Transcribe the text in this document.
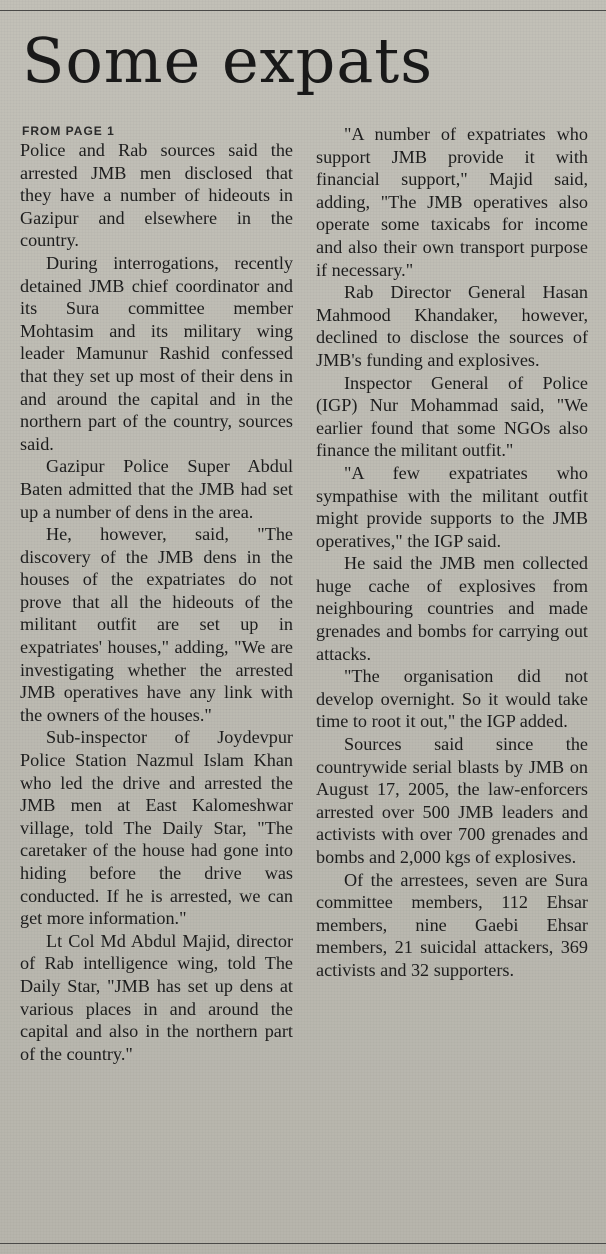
Some expats
FROM PAGE 1

Police and Rab sources said the arrested JMB men disclosed that they have a number of hideouts in Gazipur and elsewhere in the country.

During interrogations, recently detained JMB chief coordinator and its Sura committee member Mohtasim and its military wing leader Mamunur Rashid confessed that they set up most of their dens in and around the capital and in the northern part of the country, sources said.

Gazipur Police Super Abdul Baten admitted that the JMB had set up a number of dens in the area.

He, however, said, "The discovery of the JMB dens in the houses of the expatriates do not prove that all the hideouts of the militant outfit are set up in expatriates' houses," adding, "We are investigating whether the arrested JMB operatives have any link with the owners of the houses."

Sub-inspector of Joydevpur Police Station Nazmul Islam Khan who led the drive and arrested the JMB men at East Kalomeshwar village, told The Daily Star, "The caretaker of the house had gone into hiding before the drive was conducted. If he is arrested, we can get more information."

Lt Col Md Abdul Majid, director of Rab intelligence wing, told The Daily Star, "JMB has set up dens at various places in and around the capital and also in the northern part of the country."

"A number of expatriates who support JMB provide it with financial support," Majid said, adding, "The JMB operatives also operate some taxicabs for income and also their own transport purpose if necessary."

Rab Director General Hasan Mahmood Khandaker, however, declined to disclose the sources of JMB's funding and explosives.

Inspector General of Police (IGP) Nur Mohammad said, "We earlier found that some NGOs also finance the militant outfit."

"A few expatriates who sympathise with the militant outfit might provide supports to the JMB operatives," the IGP said.

He said the JMB men collected huge cache of explosives from neighbouring countries and made grenades and bombs for carrying out attacks.

"The organisation did not develop overnight. So it would take time to root it out," the IGP added.

Sources said since the countrywide serial blasts by JMB on August 17, 2005, the law-enforcers arrested over 500 JMB leaders and activists with over 700 grenades and bombs and 2,000 kgs of explosives.

Of the arrestees, seven are Sura committee members, 112 Ehsar members, nine Gaebi Ehsar members, 21 suicidal attackers, 369 activists and 32 supporters.
